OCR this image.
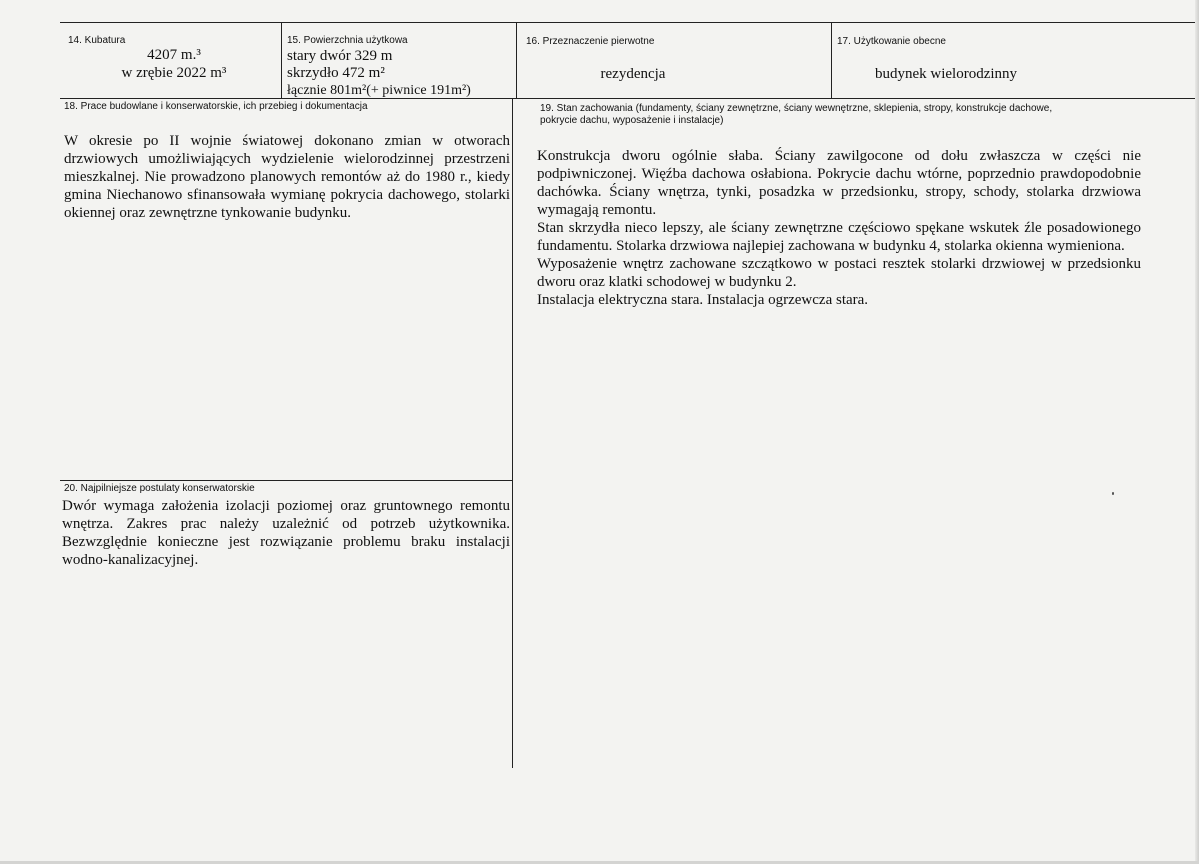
14. Kubatura
4207 m.³
w zrębie 2022 m³
15. Powierzchnia użytkowa
stary dwór 329 m
skrzydło 472 m²
łącznie 801m²(+ piwnice 191m²)
16. Przeznaczenie pierwotne
rezydencja
17. Użytkowanie obecne
budynek wielorodzinny
18. Prace budowlane i konserwatorskie, ich przebieg i dokumentacja

W okresie po II wojnie światowej dokonano zmian w otworach drzwiowych umożliwiających wydzielenie wielorodzinnej przestrzeni mieszkalnej. Nie prowadzono planowych remontów aż do 1980 r., kiedy gmina Niechanowo sfinansowała wymianę pokrycia dachowego, stolarki okiennej oraz zewnętrzne tynkowanie budynku.

19. Stan zachowania (fundamenty, ściany zewnętrzne, ściany wewnętrzne, sklepienia, stropy, konstrukcje dachowe,
pokrycie dachu, wyposażenie i instalacje)

Konstrukcja dworu ogólnie słaba. Ściany zawilgocone od dołu zwłaszcza w części nie podpiwniczonej. Więźba dachowa osłabiona. Pokrycie dachu wtórne, poprzednio prawdopodobnie dachówka. Ściany wnętrza, tynki, posadzka w przedsionku, stropy, schody, stolarka drzwiowa wymagają remontu.

Stan skrzydła nieco lepszy, ale ściany zewnętrzne częściowo spękane wskutek źle posadowionego fundamentu. Stolarka drzwiowa najlepiej zachowana w budynku 4, stolarka okienna wymieniona.

Wyposażenie wnętrz zachowane szczątkowo w postaci resztek stolarki drzwiowej w przedsionku dworu oraz klatki schodowej w budynku 2.

Instalacja elektryczna stara. Instalacja ogrzewcza stara.

20. Najpilniejsze postulaty konserwatorskie

Dwór wymaga założenia izolacji poziomej oraz gruntownego remontu wnętrza. Zakres prac należy uzależnić od potrzeb użytkownika. Bezwzględnie konieczne jest rozwiązanie problemu braku instalacji wodno-kanalizacyjnej.
